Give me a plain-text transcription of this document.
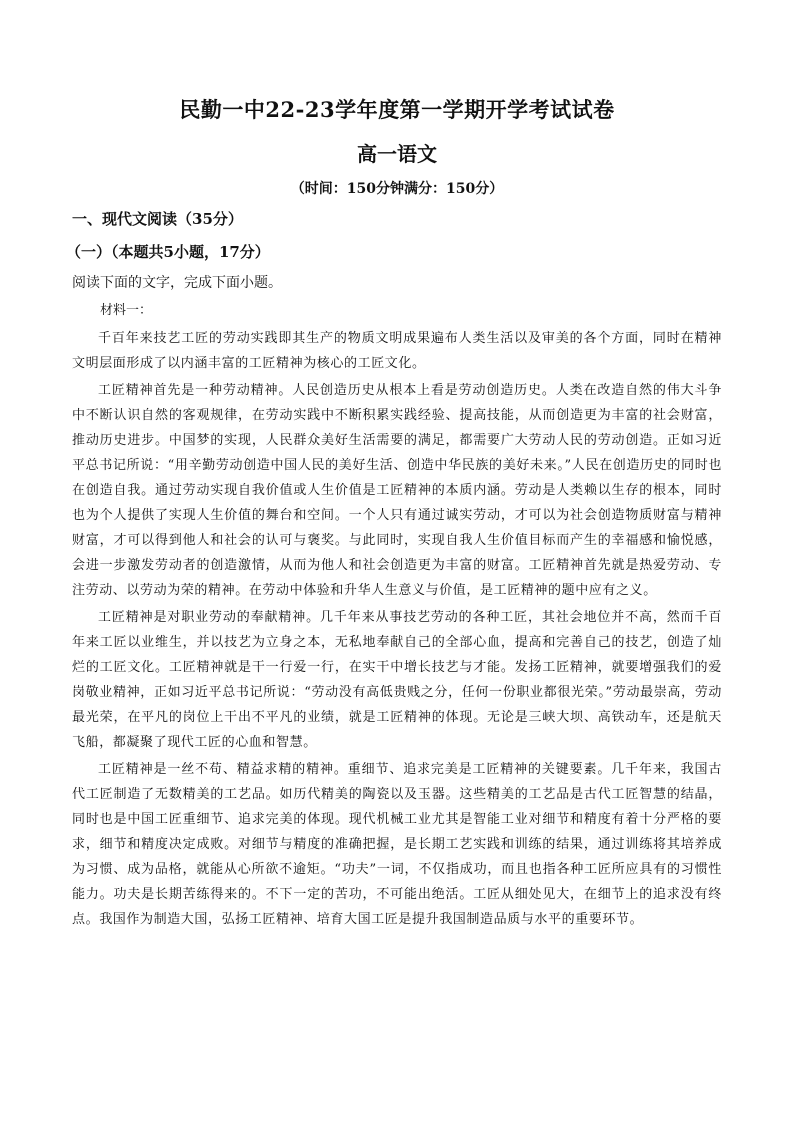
民勤一中22-23学年度第一学期开学考试试卷
高一语文
（时间：150分钟满分：150分）
一、现代文阅读（35分）
（一）（本题共5小题，17分）
阅读下面的文字，完成下面小题。
材料一：

千百年来技艺工匠的劳动实践即其生产的物质文明成果遍布人类生活以及审美的各个方面，同时在精神文明层面形成了以内涵丰富的工匠精神为核心的工匠文化。

工匠精神首先是一种劳动精神。人民创造历史从根本上看是劳动创造历史。人类在改造自然的伟大斗争中不断认识自然的客观规律，在劳动实践中不断积累实践经验、提高技能，从而创造更为丰富的社会财富，推动历史进步。中国梦的实现，人民群众美好生活需要的满足，都需要广大劳动人民的劳动创造。正如习近平总书记所说：“用辛勤劳动创造中国人民的美好生活、创造中华民族的美好未来。”人民在创造历史的同时也在创造自我。通过劳动实现自我价值或人生价值是工匠精神的本质内涵。劳动是人类赖以生存的根本，同时也为个人提供了实现人生价值的舞台和空间。一个人只有通过诚实劳动，才可以为社会创造物质财富与精神财富，才可以得到他人和社会的认可与褒奖。与此同时，实现自我人生价值目标而产生的幸福感和愉悦感，会进一步激发劳动者的创造激情，从而为他人和社会创造更为丰富的财富。工匠精神首先就是热爱劳动、专注劳动、以劳动为荣的精神。在劳动中体验和升华人生意义与价值，是工匠精神的题中应有之义。

工匠精神是对职业劳动的奉献精神。几千年来从事技艺劳动的各种工匠，其社会地位并不高，然而千百年来工匠以业维生，并以技艺为立身之本，无私地奉献自己的全部心血，提高和完善自己的技艺，创造了灿烂的工匠文化。工匠精神就是干一行爱一行，在实干中增长技艺与才能。发扬工匠精神，就要增强我们的爱岗敬业精神，正如习近平总书记所说：“劳动没有高低贵贱之分，任何一份职业都很光荣。”劳动最崇高，劳动最光荣，在平凡的岗位上干出不平凡的业绩，就是工匠精神的体现。无论是三峡大坝、高铁动车，还是航天飞船，都凝聚了现代工匠的心血和智慧。

工匠精神是一丝不苟、精益求精的精神。重细节、追求完美是工匠精神的关键要素。几千年来，我国古代工匠制造了无数精美的工艺品。如历代精美的陶瓷以及玉器。这些精美的工艺品是古代工匠智慧的结晶，同时也是中国工匠重细节、追求完美的体现。现代机械工业尤其是智能工业对细节和精度有着十分严格的要求，细节和精度决定成败。对细节与精度的准确把握，是长期工艺实践和训练的结果，通过训练将其培养成为习惯、成为品格，就能从心所欲不逾矩。“功夫”一词，不仅指成功，而且也指各种工匠所应具有的习惯性能力。功夫是长期苦练得来的。不下一定的苦功，不可能出绝活。工匠从细处见大，在细节上的追求没有终点。我国作为制造大国，弘扬工匠精神、培育大国工匠是提升我国制造品质与水平的重要环节。
